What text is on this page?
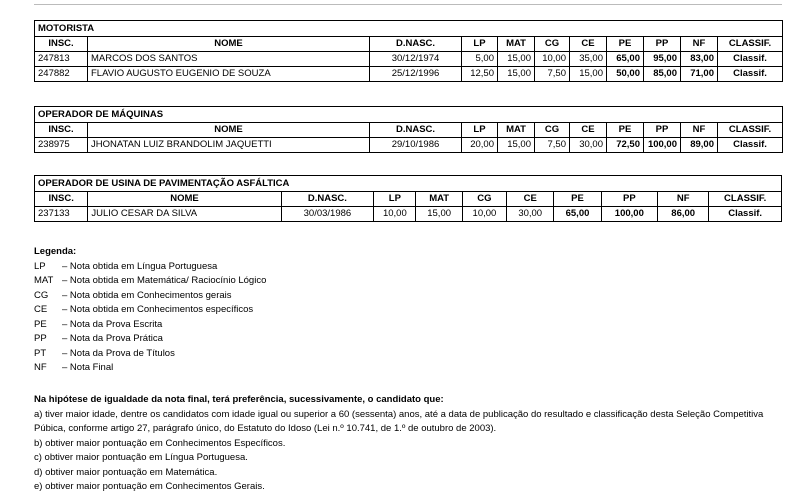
MOTORISTA										
INSC.	NOME	D.NASC.	LP	MAT	CG	CE	PE	PP	NF	CLASSIF.
247813	MARCOS DOS SANTOS	30/12/1974	5,00	15,00	10,00	35,00	65,00	95,00	83,00	Classif.
247882	FLAVIO AUGUSTO EUGENIO DE SOUZA	25/12/1996	12,50	15,00	7,50	15,00	50,00	85,00	71,00	Classif.
OPERADOR DE MÁQUINAS										
INSC.	NOME	D.NASC.	LP	MAT	CG	CE	PE	PP	NF	CLASSIF.
238975	JHONATAN LUIZ BRANDOLIM JAQUETTI	29/10/1986	20,00	15,00	7,50	30,00	72,50	100,00	89,00	Classif.
OPERADOR DE USINA DE PAVIMENTAÇÃO ASFÁLTICA										
INSC.	NOME	D.NASC.	LP	MAT	CG	CE	PE	PP	NF	CLASSIF.
237133	JULIO CESAR DA SILVA	30/03/1986	10,00	15,00	10,00	30,00	65,00	100,00	86,00	Classif.
Legenda:
LP	– Nota obtida em Língua Portuguesa
MAT – Nota obtida em Matemática/ Raciocínio Lógico
CG	– Nota obtida em Conhecimentos gerais
CE	– Nota obtida em Conhecimentos específicos
PE	– Nota da Prova Escrita
PP	– Nota da Prova Prática
PT	– Nota da Prova de Títulos
NF	– Nota Final
Na hipótese de igualdade da nota final, terá preferência, sucessivamente, o candidato que:
a) tiver maior idade, dentre os candidatos com idade igual ou superior a 60 (sessenta) anos, até a data de publicação do resultado e classificação desta Seleção Competitiva Púbica, conforme artigo 27, parágrafo único, do Estatuto do Idoso (Lei n.º 10.741, de 1.º de outubro de 2003).
b) obtiver maior pontuação em Conhecimentos Específicos.
c) obtiver maior pontuação em Língua Portuguesa.
d) obtiver maior pontuação em Matemática.
e) obtiver maior pontuação em Conhecimentos Gerais.
